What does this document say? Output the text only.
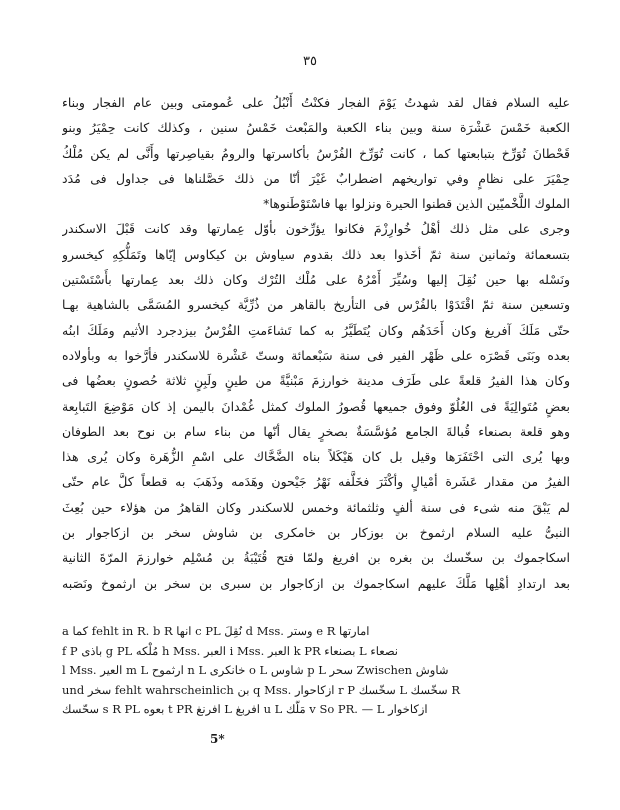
٣٥
عليه السلام فقال لقد شهدتُ يَوْمَ الفجار فكنْتُ أَنْبُلُ على عُمومتى وبين عام الفجار وبناء
الكعبة خَمْسَ عَشْرَة سنة وبين بناء الكعبة والمَبْعث خَمْسُ سنين ، وكذلك كانت حِمْيَرُ وبنو
قَحْطانَ تُوَرِّخ بتبابعتها كما ، كانت تُوَرِّخ الفُرْسُ بأكاسرتها والرومُ بقياصِرتها وأَنَّى لم يكن مُلْكُ
حِمْيَرَ على نظامٍ وفي تواريخهم اضطرابٌ غَيْرَ أنّا من ذلك حَصَّلناها فى جداول فى مُدَد
الملوك اللَّخْميّين الذين قطنوا الحيرة ونزلوا بها فاسْتَوْطَنوها*
وجرى على مثل ذلك أهْلُ خُوارِزْمَ فكانوا يؤرِّخون بأوّل عِمارتها وقد كانت قَبْلَ الاسكندر
بتسعمائة وثمانين سنة ثمّ أخَذوا بعد ذلك بقدوم سياوش بن كيكاوس إيّاها وتَمَلُّكِهِ كيخسرو
ونَسْله بها حين نُقِلَ إليها وسُيِّرَ أَمْرُهُ على مُلْك التُرْك وكان ذلك بعد عِمارتها بأَسْتَسْتين
وتسعين سنة ثمّ اقْتَدَوْا بالفُرْس فى التأريخ بالقاهر من ذُرِّيَّة كيخسرو المُسَمَّى بالشاهية بهـا
حتّى مَلَكَ آفريغ وكان أَحَدَهُم وكان يُتَطَيَّرُ به كما تَشاءَمتِ الفُرْسُ بيزدجرد الأثيم ومَلَكَ ابنُه
بعده وبَنَى قَصْرَه على ظَهْر الفير فى سنة سَبْعمائة وستّ عَشْرة للاسكندر فأرَّخوا به وبأولاده
وكان هذا الفيرُ قلعةً على طَرَف مدينة خوارزمَ مَبْنيَّةً من طينٍ ولَبِنٍ ثلاثة حُصونٍ بعضُها فى
بعضٍ مُتَوالِيَةً فى العُلُوّ وفوق جميعها قُصورُ الملوك كمثل غُمْدانَ باليمن إذ كان مَوْضِعَ التَبابِعة
وهو قلعة بصنعاء قُبالةَ الجامع مُؤسَّسَةٌ بصخرٍ يقال أنّها من بناء سام بن نوح بعد الطوفان
وبها يُرى التى احْتَفَرَها وقيل بل كان هَيْكَلاً بناه الضَّحَّاك على اسْمِ الزُّهَرة وكان يُرى هذا
الفيرُ من مقدار عَشَرة أمْيالٍ وأكْثَرَ فخَلَّفه نَهْرُ جَيْحون وهَدَمه وذَهَبَ به قطعاً كلَّ عام حتّى
لم يَبْقَ منه شىء فى سنة ألفٍ وثلثمائة وخمس للاسكندر وكان القاهرُ من هؤلاء حين بُعِثَ
النبىُّ عليه السلام ارثموخ بن بوزكار بن خامكرى بن شاوش سخر بن ازكاجوار بن
اسكاجموك بن سخّسك بن بغره بن افريغ ولمّا فتح قُتَيْبَةُ بن مُسْلِم خوارزمَ المرّةَ الثانية
بعد ارتدادِ أهْلِها مَلَّكَ عليهم اسكاجموك بن ازكاجوار بن سبرى بن سخر بن ارثموخ ونَصَبه
a كما fehlt in R. b R انها c PL نُقِلَ d Mss. وستر e R امارتها
f P باذى g PL مُلْكه h Mss. العبر i Mss. العبر k PR بصنعاء L نصعاء
l Mss. العير m L ارثموح n L خانكرى o L شاوس p L سحر Zwischen شاوش
und سخر fehlt wahrscheinlich بن q Mss. ازكاحوار r P سخّسك L سخّسك R
سحّسك s R PL بعوه t PR افرنغ L افربغ u L مَلَّك v So PR. — L ازكاخوار
5*
